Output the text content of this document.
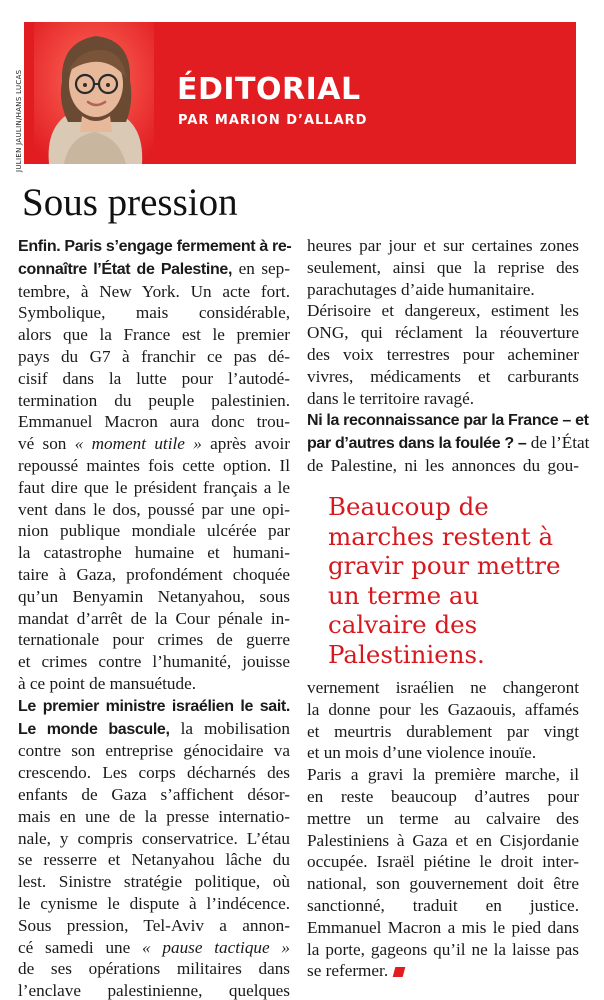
ÉDITORIAL
PAR MARION D’ALLARD
JULIEN JAULIN/HANS LUCAS
Sous pression
Enfin. Paris s’engage fermement à re-
connaître l’État de Palestine, en sep-
tembre, à New York. Un acte fort.
Symbolique, mais considérable,
alors que la France est le premier
pays du G7 à franchir ce pas dé-
cisif dans la lutte pour l’autodé-
termination du peuple palestinien.
Emmanuel Macron aura donc trou-
vé son « moment utile » après avoir
repoussé maintes fois cette option. Il
faut dire que le président français a le
vent dans le dos, poussé par une opi-
nion publique mondiale ulcérée par
la catastrophe humaine et humani-
taire à Gaza, profondément choquée
qu’un Benyamin Netanyahou, sous
mandat d’arrêt de la Cour pénale in-
ternationale pour crimes de guerre
et crimes contre l’humanité, jouisse
à ce point de mansuétude.
Le premier ministre israélien le sait.
Le monde bascule, la mobilisation
contre son entreprise génocidaire va
crescendo. Les corps décharnés des
enfants de Gaza s’affichent désor-
mais en une de la presse internatio-
nale, y compris conservatrice. L’étau
se resserre et Netanyahou lâche du
lest. Sinistre stratégie politique, où
le cynisme le dispute à l’indécence.
Sous pression, Tel-Aviv a annon-
cé samedi une « pause tactique »
de ses opérations militaires dans
l’enclave palestinienne, quelques
heures par jour et sur certaines zones
seulement, ainsi que la reprise des
parachutages d’aide humanitaire.
Dérisoire et dangereux, estiment les
ONG, qui réclament la réouverture
des voix terrestres pour acheminer
vivres, médicaments et carburants
dans le territoire ravagé.
Ni la reconnaissance par la France – et
par d’autres dans la foulée ? – de l’État
de Palestine, ni les annonces du gou-
Beaucoup de marches restent à gravir pour mettre un terme au calvaire des Palestiniens.
vernement israélien ne changeront
la donne pour les Gazaouis, affamés
et meurtris durablement par vingt
et un mois d’une violence inouïe.
Paris a gravi la première marche, il
en reste beaucoup d’autres pour
mettre un terme au calvaire des
Palestiniens à Gaza et en Cisjordanie
occupée. Israël piétine le droit inter-
national, son gouvernement doit être
sanctionné, traduit en justice.
Emmanuel Macron a mis le pied dans
la porte, gageons qu’il ne la laisse pas
se refermer.
